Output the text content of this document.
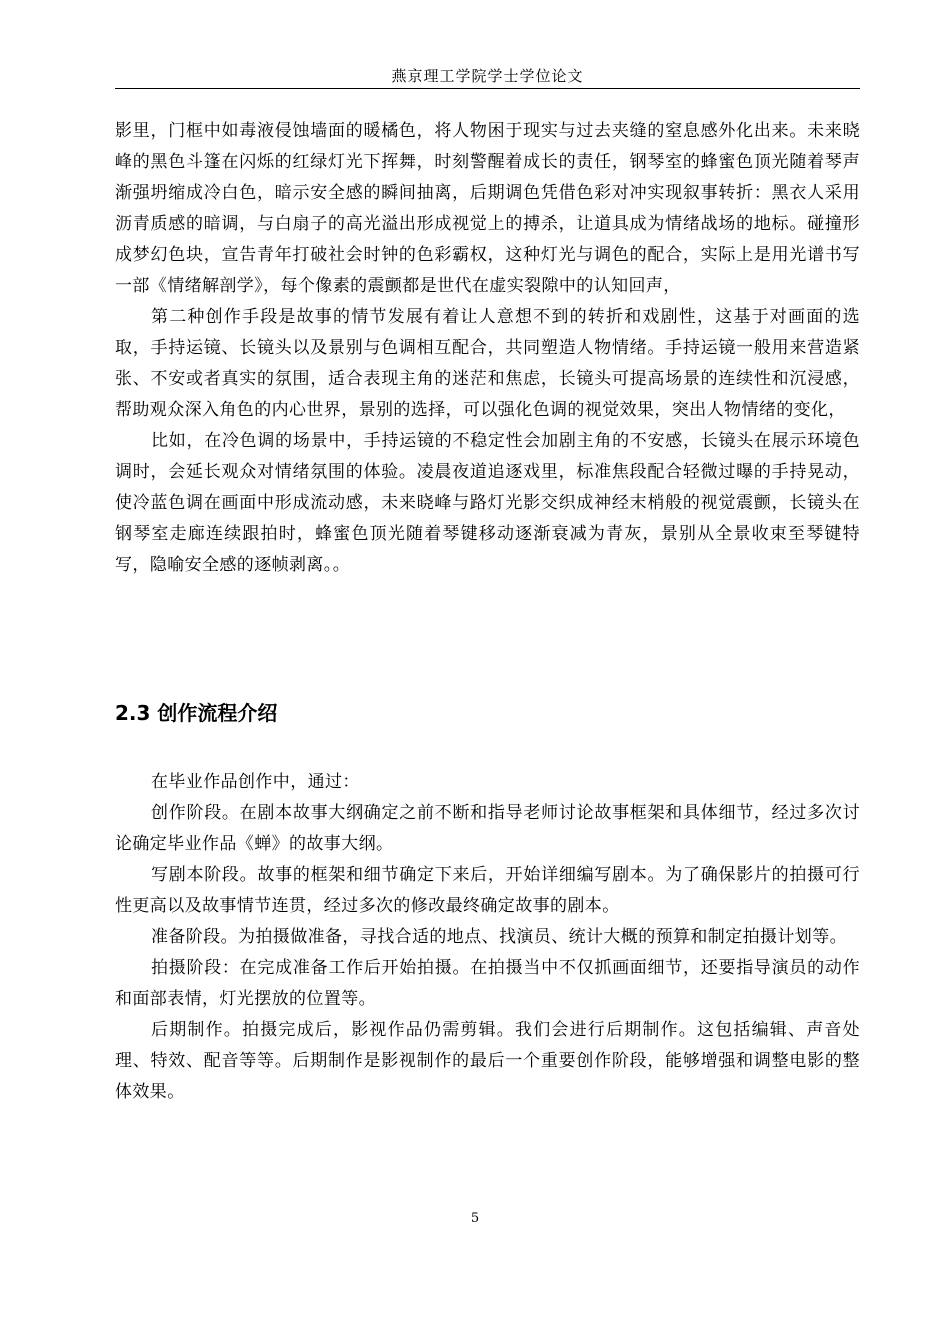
燕京理工学院学士学位论文

影里，门框中如毒液侵蚀墙面的暖橘色，将人物困于现实与过去夹缝的窒息感外化出来。未来晓峰的黑色斗篷在闪烁的红绿灯光下挥舞，时刻警醒着成长的责任，钢琴室的蜂蜜色顶光随着琴声渐强坍缩成冷白色，暗示安全感的瞬间抽离，后期调色凭借色彩对冲实现叙事转折：黑衣人采用沥青质感的暗调，与白扇子的高光溢出形成视觉上的搏杀，让道具成为情绪战场的地标。碰撞形成梦幻色块，宣告青年打破社会时钟的色彩霸权，这种灯光与调色的配合，实际上是用光谱书写一部《情绪解剖学》，每个像素的震颤都是世代在虚实裂隙中的认知回声，

第二种创作手段是故事的情节发展有着让人意想不到的转折和戏剧性，这基于对画面的选取，手持运镜、长镜头以及景别与色调相互配合，共同塑造人物情绪。手持运镜一般用来营造紧张、不安或者真实的氛围，适合表现主角的迷茫和焦虑，长镜头可提高场景的连续性和沉浸感，帮助观众深入角色的内心世界，景别的选择，可以强化色调的视觉效果，突出人物情绪的变化，

比如，在冷色调的场景中，手持运镜的不稳定性会加剧主角的不安感，长镜头在展示环境色调时，会延长观众对情绪氛围的体验。凌晨夜道追逐戏里，标准焦段配合轻微过曝的手持晃动，使冷蓝色调在画面中形成流动感，未来晓峰与路灯光影交织成神经末梢般的视觉震颤，长镜头在钢琴室走廊连续跟拍时，蜂蜜色顶光随着琴键移动逐渐衰减为青灰，景别从全景收束至琴键特写，隐喻安全感的逐帧剥离。。

2.3 创作流程介绍

在毕业作品创作中，通过：

创作阶段。在剧本故事大纲确定之前不断和指导老师讨论故事框架和具体细节，经过多次讨论确定毕业作品《蝉》的故事大纲。

写剧本阶段。故事的框架和细节确定下来后，开始详细编写剧本。为了确保影片的拍摄可行性更高以及故事情节连贯，经过多次的修改最终确定故事的剧本。

准备阶段。为拍摄做准备，寻找合适的地点、找演员、统计大概的预算和制定拍摄计划等。

拍摄阶段：在完成准备工作后开始拍摄。在拍摄当中不仅抓画面细节，还要指导演员的动作和面部表情，灯光摆放的位置等。

后期制作。拍摄完成后，影视作品仍需剪辑。我们会进行后期制作。这包括编辑、声音处理、特效、配音等等。后期制作是影视制作的最后一个重要创作阶段，能够增强和调整电影的整体效果。

5
